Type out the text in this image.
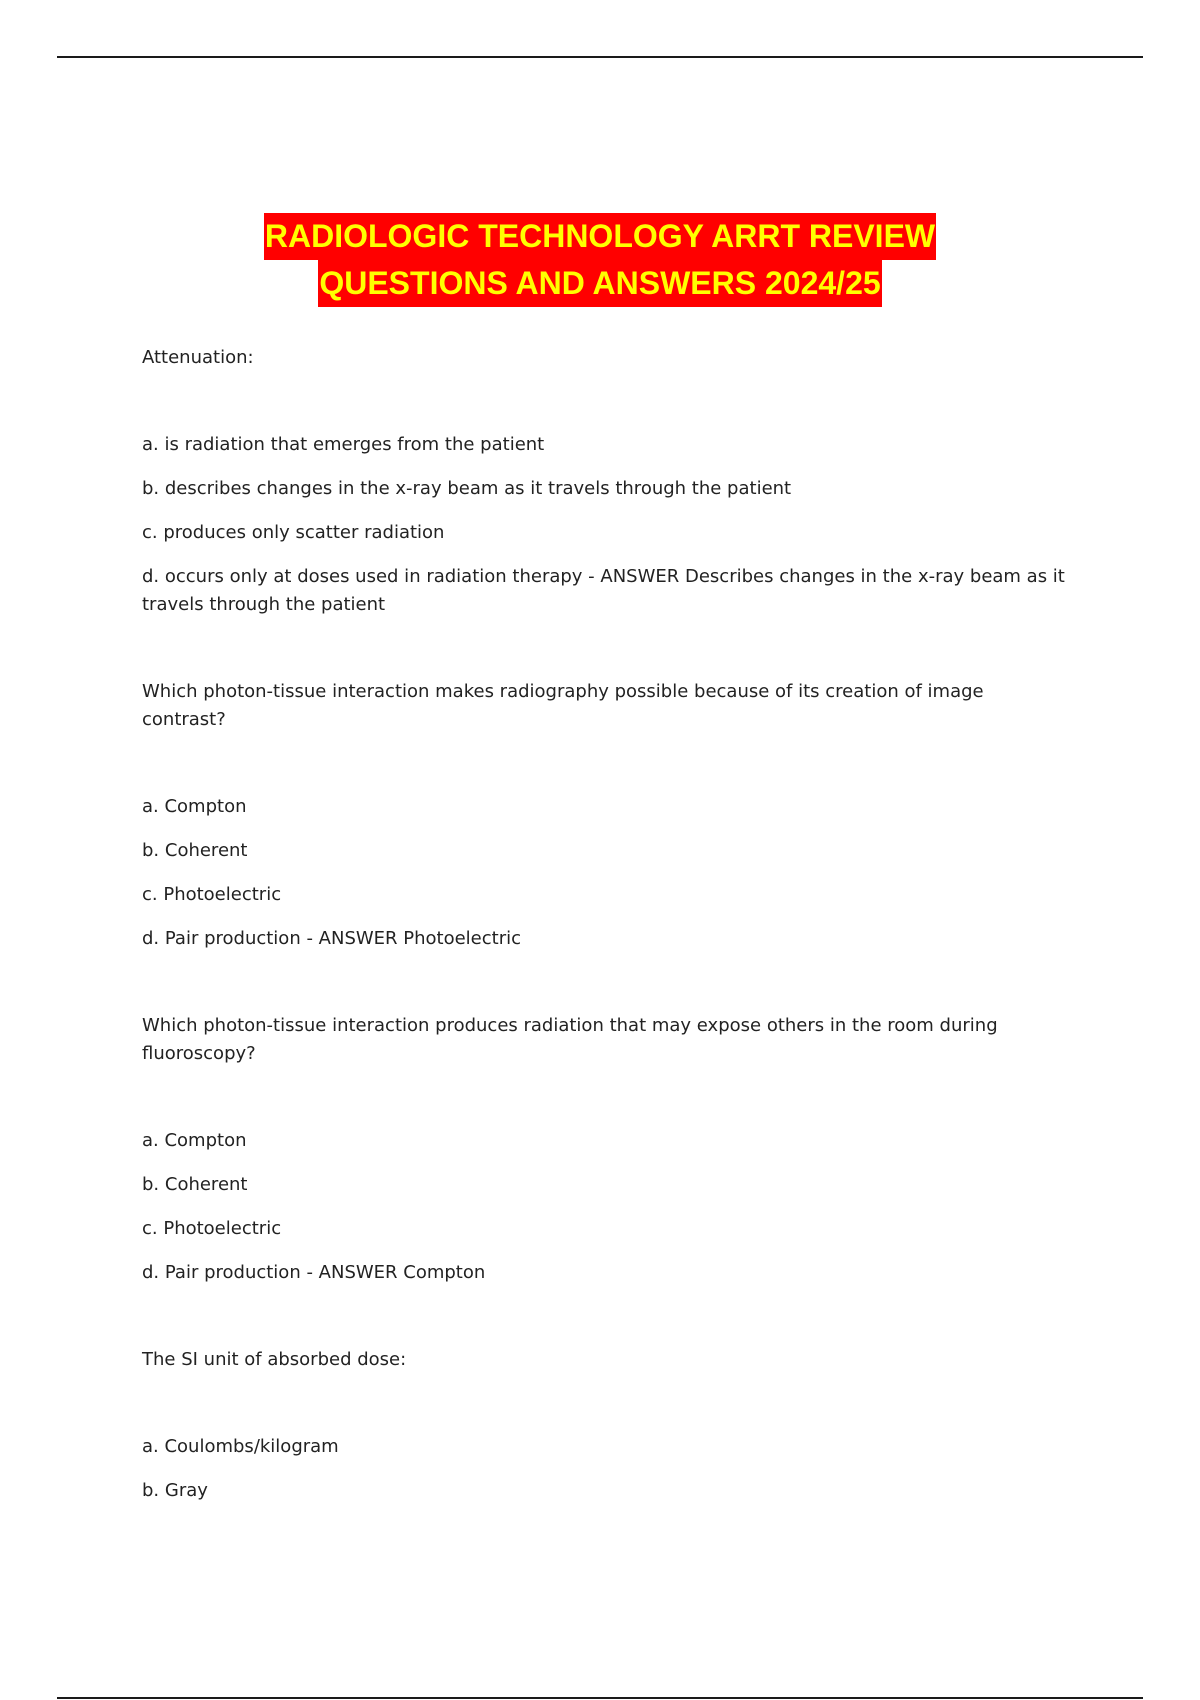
RADIOLOGIC TECHNOLOGY ARRT REVIEW
QUESTIONS AND ANSWERS 2024/25

Attenuation:

a. is radiation that emerges from the patient

b. describes changes in the x-ray beam as it travels through the patient

c. produces only scatter radiation

d. occurs only at doses used in radiation therapy - ANSWER Describes changes in the x-ray beam as it travels through the patient

Which photon-tissue interaction makes radiography possible because of its creation of image contrast?

a. Compton

b. Coherent

c. Photoelectric

d. Pair production - ANSWER Photoelectric

Which photon-tissue interaction produces radiation that may expose others in the room during fluoroscopy?

a. Compton

b. Coherent

c. Photoelectric

d. Pair production - ANSWER Compton

The SI unit of absorbed dose:

a. Coulombs/kilogram

b. Gray
